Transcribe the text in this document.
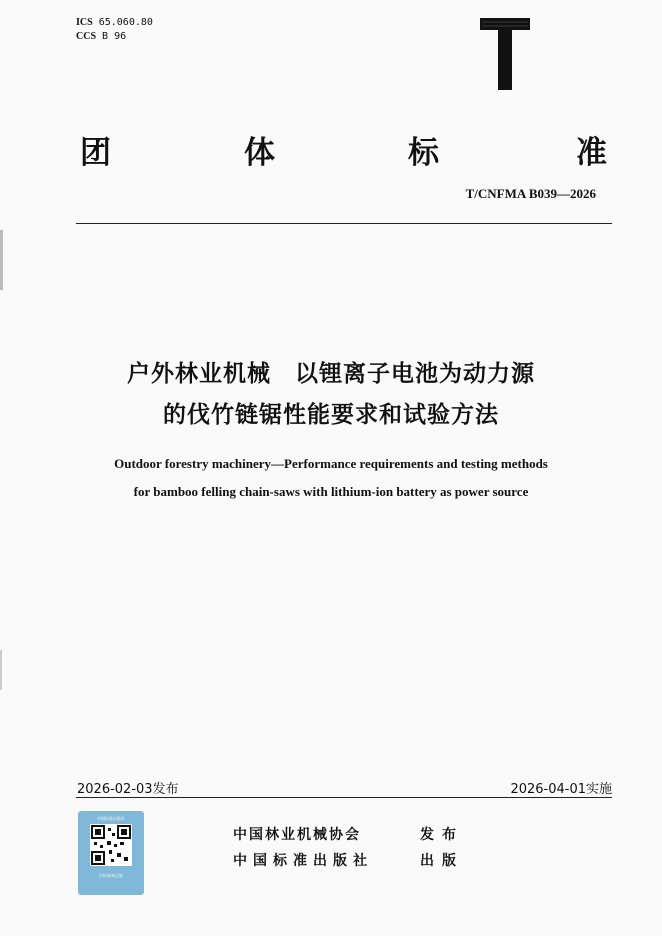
ICS 65.060.80
CCS B 96
团	体	标	准
T/CNFMA B039—2026
户外林业机械　以锂离子电池为动力源
的伐竹链锯性能要求和试验方法
Outdoor forestry machinery—Performance requirements and testing methods
for bamboo felling chain-saws with lithium-ion battery as power source
2026-02-03发布	2026-04-01实施
中国标准出版社
扫码查询正版
中国林业机械协会	发布
中国标准出版社	出版
